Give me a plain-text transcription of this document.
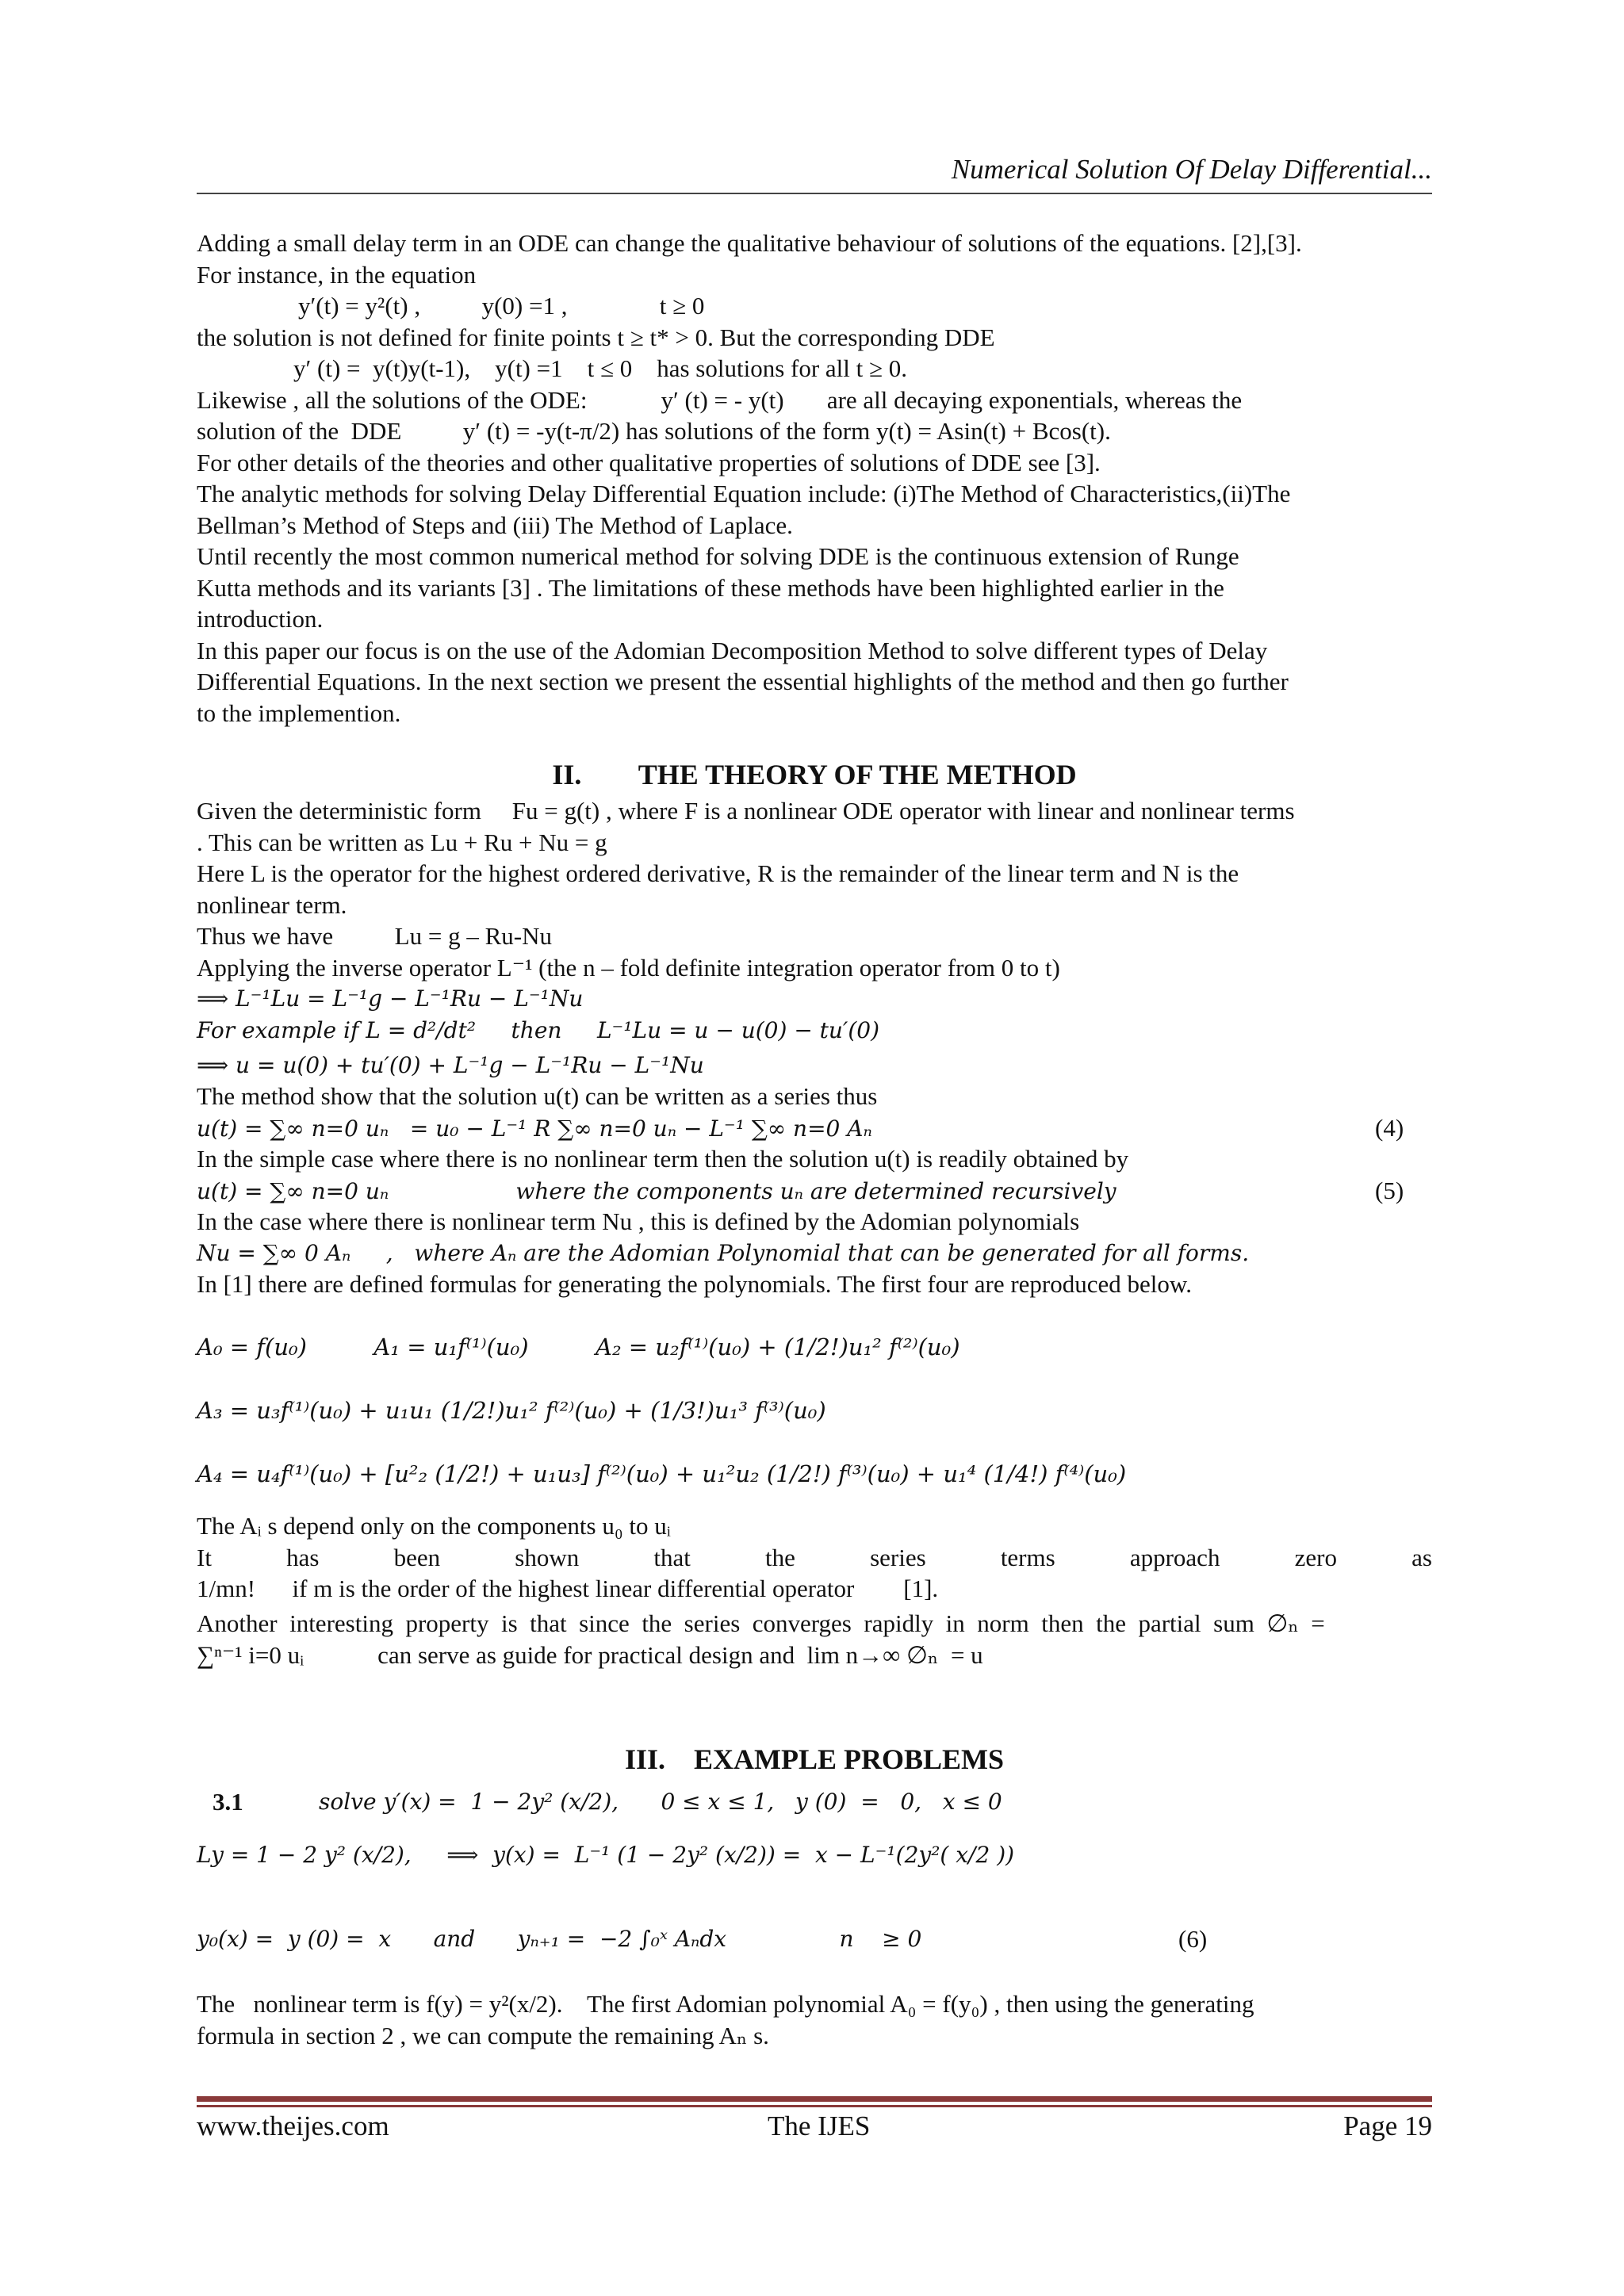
Numerical Solution Of Delay Differential...
Adding a small delay term in an ODE can change the qualitative behaviour of solutions of the equations. [2],[3].
For instance, in the equation
y′(t) = y²(t) ,          y(0) =1 ,               t ≥ 0
the solution is not defined for finite points t ≥ t* > 0. But the corresponding DDE
y′ (t) =  y(t)y(t-1),    y(t) =1    t ≤ 0    has solutions for all t ≥ 0.
Likewise , all the solutions of the ODE:            y′ (t) = - y(t)       are all decaying exponentials, whereas the
solution of the  DDE          y′ (t) = -y(t-π/2) has solutions of the form y(t) = Asin(t) + Bcos(t).
For other details of the theories and other qualitative properties of solutions of DDE see [3].
The analytic methods for solving Delay Differential Equation include: (i)The Method of Characteristics,(ii)The
Bellman’s Method of Steps and (iii) The Method of Laplace.
Until recently the most common numerical method for solving DDE is the continuous extension of Runge
Kutta methods and its variants [3] . The limitations of these methods have been highlighted earlier in the
introduction.
In this paper our focus is on the use of the Adomian Decomposition Method to solve different types of Delay
Differential Equations. In the next section we present the essential highlights of the method and then go further
to the implemention.
II.        THE THEORY OF THE METHOD
Given the deterministic form     Fu = g(t) , where F is a nonlinear ODE operator with linear and nonlinear terms
. This can be written as Lu + Ru + Nu = g
Here L is the operator for the highest ordered derivative, R is the remainder of the linear term and N is the
nonlinear term.
Thus we have          Lu = g – Ru-Nu
Applying the inverse operator L⁻¹ (the n – fold definite integration operator from 0 to t)
⟹ L⁻¹Lu = L⁻¹g − L⁻¹Ru − L⁻¹Nu
For example if L = d²/dt²     then     L⁻¹Lu = u − u(0) − tu′(0)
⟹ u = u(0) + tu′(0) + L⁻¹g − L⁻¹Ru − L⁻¹Nu
The method show that the solution u(t) can be written as a series thus
u(t) = ∑∞ n=0 uₙ   = u₀ − L⁻¹ R ∑∞ n=0 uₙ − L⁻¹ ∑∞ n=0 Aₙ	(4)
In the simple case where there is no nonlinear term then the solution u(t) is readily obtained by
u(t) = ∑∞ n=0 uₙ                  where the components uₙ are determined recursively	(5)
In the case where there is nonlinear term Nu , this is defined by the Adomian polynomials
Nu = ∑∞ 0 Aₙ     ,   where Aₙ are the Adomian Polynomial that can be generated for all forms.
In [1] there are defined formulas for generating the polynomials. The first four are reproduced below.
A₀ = f(u₀)	A₁ = u₁f⁽¹⁾(u₀)	A₂ = u₂f⁽¹⁾(u₀) + (1/2!)u₁² f⁽²⁾(u₀)
A₃ = u₃f⁽¹⁾(u₀) + u₁u₁ (1/2!)u₁² f⁽²⁾(u₀) + (1/3!)u₁³ f⁽³⁾(u₀)
A₄ = u₄f⁽¹⁾(u₀) + [u²₂ (1/2!) + u₁u₃] f⁽²⁾(u₀) + u₁²u₂ (1/2!) f⁽³⁾(u₀) + u₁⁴ (1/4!) f⁽⁴⁾(u₀)
The Aᵢ s depend only on the components u₀ to uᵢ
It	has	been	shown	that	the	series	terms	approach	zero	as
1/mn!      if m is the order of the highest linear differential operator        [1].
Another  interesting  property  is  that  since  the  series  converges  rapidly  in  norm  then  the  partial  sum  ∅ₙ  =
∑ⁿ⁻¹ i=0 uᵢ            can serve as guide for practical design and  lim n→∞ ∅ₙ  = u
III.    EXAMPLE PROBLEMS
3.1	solve y′(x) =  1 − 2y² (x/2),      0 ≤ x ≤ 1,   y (0)  =   0,   x ≤ 0
Ly = 1 − 2 y² (x/2),     ⟹  y(x) =  L⁻¹ (1 − 2y² (x/2)) =  x − L⁻¹(2y²( x/2 ))
y₀(x) =  y (0) =  x      and      yₙ₊₁ =  −2 ∫₀ˣ Aₙdx                n    ≥ 0	(6)
The   nonlinear term is f(y) = y²(x/2).    The first Adomian polynomial A₀ = f(y₀) , then using the generating
formula in section 2 , we can compute the remaining Aₙ s.
www.theijes.com	The IJES	Page 19
